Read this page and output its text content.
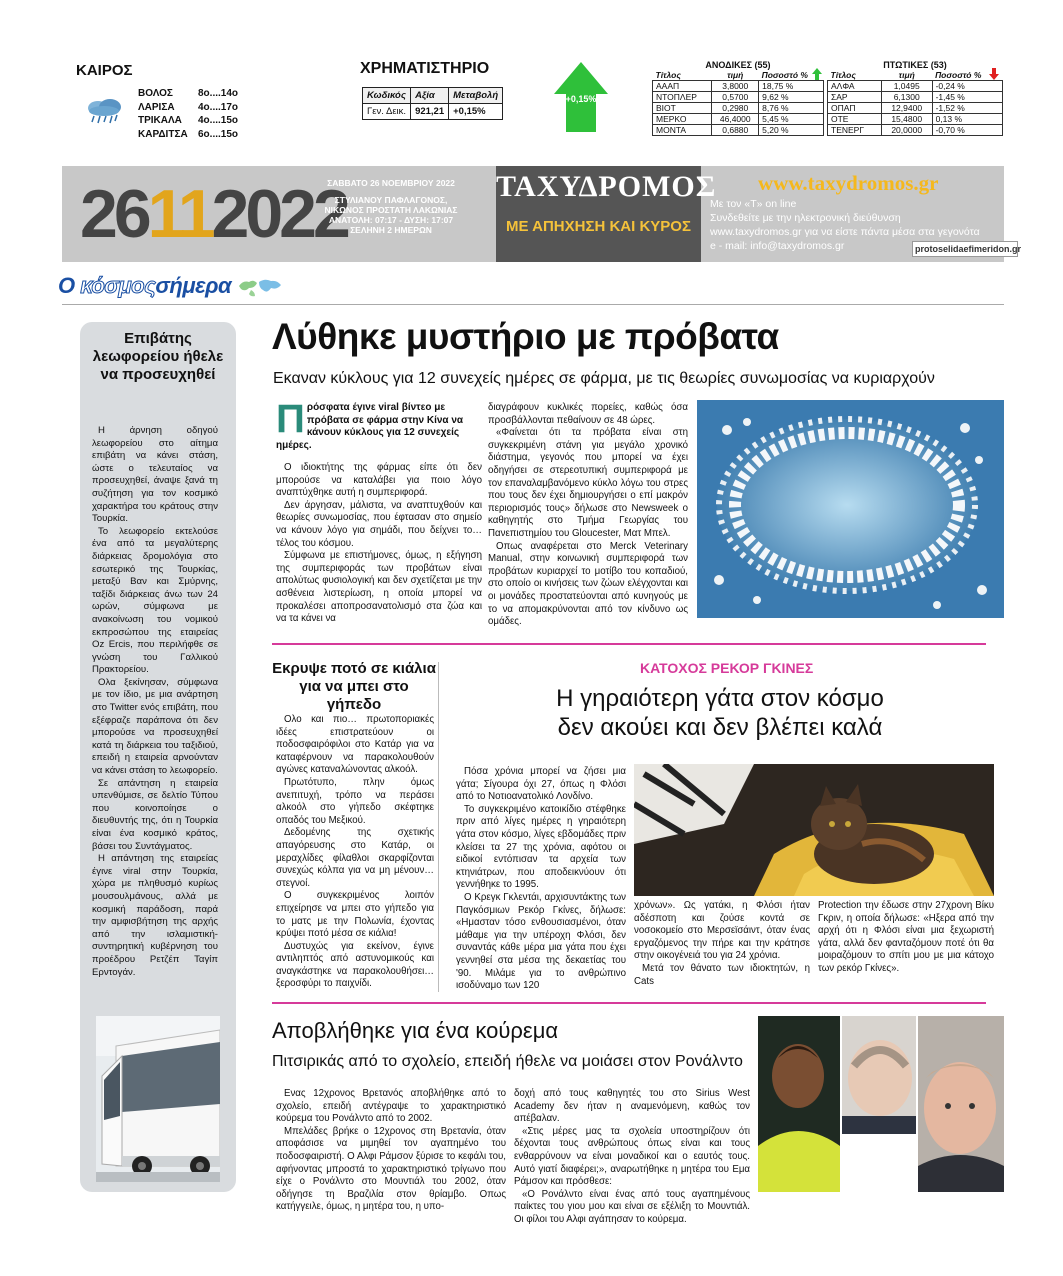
ΚΑΙΡΟΣ
ΒΟΛΟΣ	8ο....14ο
ΛΑΡΙΣΑ	4ο....17ο
ΤΡΙΚΑΛΑ	4ο....15ο
ΚΑΡΔΙΤΣΑ	6ο....15ο
ΧΡΗΜΑΤΙΣΤΗΡΙΟ
Κωδικός	Αξία	Μεταβολή
Γεν. Δεικ.	921,21	+0,15%
+0,15%
ΑΝΟΔΙΚΕΣ (55)		
Τίτλος	τιμή	Ποσοστό %
ΑΑΑΠ	3,8000	18,75 %
ΝΤΟΠΛΕΡ	0,5700	9,62 %
ΒΙΟΤ	0,2980	8,76 %
ΜΕΡΚΟ	46,4000	5,45 %
ΜΟΝΤΑ	0,6880	5,20 %
ΠΤΩΤΙΚΕΣ (53)		
Τίτλος	τιμή	Ποσοστό %
ΑΛΦΑ	1,0495	-0,24 %
ΣΑΡ	6,1300	-1,45 %
ΟΠΑΠ	12,9400	-1,52 %
ΟΤΕ	15,4800	0,13 %
ΤΕΝΕΡΓ	20,0000	-0,70 %
26112022
ΣΑΒΒΑΤΟ 26 ΝΟΕΜΒΡΙΟΥ 2022
ΣΤΥΛΙΑΝΟΥ ΠΑΦΛΑΓΟΝΟΣ,
ΝΙΚΩΝΟΣ ΠΡΟΣΤΑΤΗ ΛΑΚΩΝΙΑΣ
ΑΝΑΤΟΛΗ: 07:17 - ΔΥΣΗ: 17:07
ΣΕΛΗΝΗ 2 ΗΜΕΡΩΝ
ΤΑΧΥΔΡΟΜΟΣ
ΜΕ ΑΠΗΧΗΣΗ ΚΑΙ ΚΥΡΟΣ
www.taxydromos.gr
Με τον «Τ» on line
Συνδεθείτε με την ηλεκτρονική διεύθυνση
www.taxydromos.gr για να είστε πάντα μέσα στα γεγονότα
e - mail: info@taxydromos.gr	protoselidaefimeridon.gr
Ο κόσμοςσήμερα
Επιβάτης λεωφορείου ήθελε να προσευχηθεί

Η άρνηση οδηγού λεωφορείου στο αίτημα επιβάτη να κάνει στάση, ώστε ο τελευταίος να προσευχηθεί, άναψε ξανά τη συζήτηση για τον κοσμικό χαρακτήρα του κράτους στην Τουρκία.

Το λεωφορείο εκτελούσε ένα από τα μεγαλύτερης διάρκειας δρομολόγια στο εσωτερικό της Τουρκίας, μεταξύ Βαν και Σμύρνης, ταξίδι διάρκειας άνω των 24 ωρών, σύμφωνα με ανακοίνωση του νομικού εκπροσώπου της εταιρείας Oz Ercis, που περιλήφθε σε γνώση του Γαλλικού Πρακτορείου.

Ολα ξεκίνησαν, σύμφωνα με τον ίδιο, με μια ανάρτηση στο Twitter ενός επιβάτη, που εξέφραζε παράπονα ότι δεν μπορούσε να προσευχηθεί κατά τη διάρκεια του ταξιδιού, επειδή η εταιρεία αρνούνταν να κάνει στάση το λεωφορείο.

Σε απάντηση η εταιρεία υπενθύμισε, σε δελτίο Τύπου που κοινοποίησε ο διευθυντής της, ότι η Τουρκία είναι ένα κοσμικό κράτος, βάσει του Συντάγματος.

Η απάντηση της εταιρείας έγινε viral στην Τουρκία, χώρα με πληθυσμό κυρίως μουσουλμάνους, αλλά με κοσμική παράδοση, παρά την αμφισβήτηση της αρχής από την ισλαμιστική-συντηρητική κυβέρνηση του προέδρου Ρετζέπ Ταγίπ Ερντογάν.

Λύθηκε μυστήριο με πρόβατα
Εκαναν κύκλους για 12 συνεχείς ημέρες σε φάρμα, με τις θεωρίες συνωμοσίας να κυριαρχούν
Πρόσφατα έγινε viral βίντεο με πρόβατα σε φάρμα στην Κίνα να κάνουν κύκλους για 12 συνεχείς ημέρες.

Ο ιδιοκτήτης της φάρμας είπε ότι δεν μπορούσε να καταλάβει για ποιο λόγο αναπτύχθηκε αυτή η συμπεριφορά.

Δεν άργησαν, μάλιστα, να αναπτυχθούν και θεωρίες συνωμοσίας, που έφτασαν στο σημείο να κάνουν λόγο για σημάδι, που δείχνει το… τέλος του κόσμου.

Σύμφωνα με επιστήμονες, όμως, η εξήγηση της συμπεριφοράς των προβάτων είναι απολύτως φυσιολογική και δεν σχετίζεται με την ασθένεια λιστερίωση, η οποία μπορεί να προκαλέσει αποπροσανατολισμό στα ζώα και να τα κάνει να

διαγράφουν κυκλικές πορείες, καθώς όσα προσβάλλονται πεθαίνουν σε 48 ώρες.

«Φαίνεται ότι τα πρόβατα είναι στη συγκεκριμένη στάνη για μεγάλο χρονικό διάστημα, γεγονός που μπορεί να έχει οδηγήσει σε στερεοτυπική συμπεριφορά με τον επαναλαμβανόμενο κύκλο λόγω του στρες που τους δεν έχει δημιουργήσει ο επί μακρόν περιορισμός τους» δήλωσε στο Newsweek ο καθηγητής στο Τμήμα Γεωργίας του Πανεπιστημίου του Gloucester, Ματ Μπελ.

Οπως αναφέρεται στο Merck Veterinary Manual, στην κοινωνική συμπεριφορά των προβάτων κυριαρχεί το μοτίβο του κοπαδιού, στο οποίο οι κινήσεις των ζώων ελέγχονται και οι μονάδες προστατεύονται από κυνηγούς με το να απομακρύνονται από τον κίνδυνο ως ομάδες.

Εκρυψε ποτό σε κιάλια για να μπει στο γήπεδο

Ολο και πιο… πρωτοποριακές ιδέες επιστρατεύουν οι ποδοσφαιρόφιλοι στο Κατάρ για να καταφέρνουν να παρακολουθούν αγώνες καταναλώνοντας αλκοόλ.

Πρωτότυπο, πλην όμως ανεπιτυχή, τρόπο να περάσει αλκοόλ στο γήπεδο σκέφτηκε οπαδός του Μεξικού.

Δεδομένης της σχετικής απαγόρευσης στο Κατάρ, οι μεραχλίδες φίλαθλοι σκαρφίζονται συνεχώς κόλπα για να μη μένουν… στεγνοί.

Ο συγκεκριμένος λοιπόν επιχείρησε να μπει στο γήπεδο για το ματς με την Πολωνία, έχοντας κρύψει ποτό μέσα σε κιάλια!

Δυστυχώς για εκείνον, έγινε αντιληπτός από αστυνομικούς και αναγκάστηκε να παρακολουθήσει… ξεροσφύρι το παιχνίδι.

ΚΑΤΟΧΟΣ ΡΕΚΟΡ ΓΚΙΝΕΣ
Η γηραιότερη γάτα στον κόσμο
δεν ακούει και δεν βλέπει καλά

Πόσα χρόνια μπορεί να ζήσει μια γάτα; Σίγουρα όχι 27, όπως η Φλόσι από το Νοτιοανατολικό Λονδίνο.

Το συγκεκριμένο κατοικίδιο στέφθηκε πριν από λίγες ημέρες η γηραιότερη γάτα στον κόσμο, λίγες εβδομάδες πριν κλείσει τα 27 της χρόνια, αφότου οι ειδικοί εντόπισαν τα αρχεία των κτηνιάτρων, που αποδεικνύουν ότι γεννήθηκε το 1995.

Ο Κρεγκ Γκλεντάι, αρχισυντάκτης των Παγκόσμιων Ρεκόρ Γκίνες, δήλωσε: «Ημασταν τόσο ενθουσιασμένοι, όταν μάθαμε για την υπέροχη Φλόσι, δεν συναντάς κάθε μέρα μια γάτα που έχει γεννηθεί στα μέσα της δεκαετίας του '90. Μιλάμε για το ανθρώπινο ισοδύναμο των 120

χρόνων». Ως γατάκι, η Φλόσι ήταν αδέσποτη και ζούσε κοντά σε νοσοκομείο στο Μερσεϊσάιντ, όταν ένας εργαζόμενος την πήρε και την κράτησε στην οικογένειά του για 24 χρόνια.

Μετά τον θάνατο των ιδιοκτητών, η Cats

Protection την έδωσε στην 27χρονη Βίκυ Γκριν, η οποία δήλωσε: «Ηξερα από την αρχή ότι η Φλόσι είναι μια ξεχωριστή γάτα, αλλά δεν φανταζόμουν ποτέ ότι θα μοιραζόμουν το σπίτι μου με μια κάτοχο των ρεκόρ Γκίνες».

Αποβλήθηκε για ένα κούρεμα
Πιτσιρικάς από το σχολείο, επειδή ήθελε να μοιάσει στον Ρονάλντο

Ενας 12χρονος Βρετανός αποβλήθηκε από το σχολείο, επειδή αντέγραψε το χαρακτηριστικό κούρεμα του Ρονάλντο από το 2002.

Μπελάδες βρήκε ο 12χρονος στη Βρετανία, όταν αποφάσισε να μιμηθεί τον αγαπημένο του ποδοσφαιριστή. Ο Αλφι Ράμσον ξύρισε το κεφάλι του, αφήνοντας μπροστά το χαρακτηριστικό τρίγωνο που είχε ο Ρονάλντο στο Μουντιάλ του 2002, όταν οδήγησε τη Βραζιλία στον θρίαμβο. Οπως κατήγγειλε, όμως, η μητέρα του, η υπο-

δοχή από τους καθηγητές του στο Sirius West Academy δεν ήταν η αναμενόμενη, καθώς τον απέβαλαν.

«Στις μέρες μας τα σχολεία υποστηρίζουν ότι δέχονται τους ανθρώπους όπως είναι και τους ενθαρρύνουν να είναι μοναδικοί και ο εαυτός τους. Αυτό γιατί διαφέρει;», αναρωτήθηκε η μητέρα του Εμα Ράμσον και πρόσθεσε:

«Ο Ρονάλντο είναι ένας από τους αγαπημένους παίκτες του γιου μου και είναι σε εξέλιξη το Μουντιάλ. Οι φίλοι του Αλφι αγάπησαν το κούρεμα.
